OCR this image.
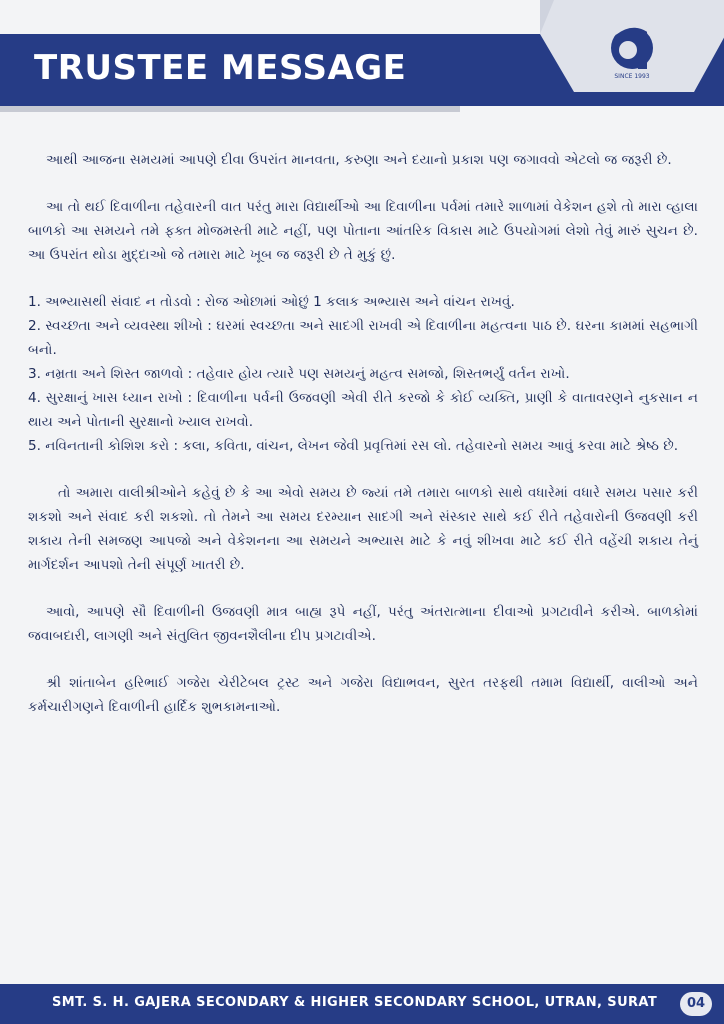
TRUSTEE MESSAGE	SINCE 1993

આથી આજના સમયમાં આપણે દીવા ઉપરાંત માનવતા, કરુણા અને દયાનો પ્રકાશ પણ જગાવવો એટલો જ જરૂરી છે.

આ તો થઈ દિવાળીના તહેવારની વાત પરંતુ મારા વિદ્યાર્થીઓ આ દિવાળીના પર્વમાં તમારે શાળામાં વેકેશન હશે તો મારા વ્હાલા બાળકો આ સમયને તમે ફક્ત મોજમસ્તી માટે નહીં, પણ પોતાના આંતરિક વિકાસ માટે ઉપયોગમાં લેશો તેવું મારું સુચન છે. આ ઉપરાંત થોડા મુદ્દાઓ જે તમારા માટે ખૂબ જ જરૂરી છે તે મુકું છું.

1. અભ્યાસથી સંવાદ ન તોડવો : રોજ ઓછામાં ઓછું 1 કલાક અભ્યાસ અને વાંચન રાખવું.

2. સ્વચ્છતા અને વ્યવસ્થા શીખો : ઘરમાં સ્વચ્છતા અને સાદગી રાખવી એ દિવાળીના મહત્વના પાઠ છે. ઘરના કામમાં સહભાગી બનો.

3. નમ્રતા અને શિસ્ત જાળવો : તહેવાર હોય ત્યારે પણ સમયનું મહત્વ સમજો, શિસ્તભર્યું વર્તન રાખો.

4. સુરક્ષાનું ખાસ ધ્યાન રાખો : દિવાળીના પર્વની ઉજવણી એવી રીતે કરજો કે કોઈ વ્યક્તિ, પ્રાણી કે વાતાવરણને નુકસાન ન થાય અને પોતાની સુરક્ષાનો ખ્યાલ રાખવો.

5. નવિનતાની કોશિશ કરો : કલા, કવિતા, વાંચન, લેખન જેવી પ્રવૃત્તિમાં રસ લો. તહેવારનો સમય આવું કરવા માટે શ્રેષ્ઠ છે.

તો અમારા વાલીશ્રીઓને કહેવું છે કે આ એવો સમય છે જ્યાં તમે તમારા બાળકો સાથે વધારેમાં વધારે સમય પસાર કરી શકશો અને સંવાદ કરી શકશો. તો તેમને આ સમય દરમ્યાન સાદગી અને સંસ્કાર સાથે કઈ રીતે તહેવારોની ઉજવણી કરી શકાય તેની સમજણ આપજો અને વેકેશનના આ સમયને અભ્યાસ માટે કે નવું શીખવા માટે કઈ રીતે વહેંચી શકાય તેનું માર્ગદર્શન આપશો તેની સંપૂર્ણ ખાતરી છે.

આવો, આપણે સૌ દિવાળીની ઉજવણી માત્ર બાહ્ય રૂપે નહીં, પરંતુ અંતરાત્માના દીવાઓ પ્રગટાવીને કરીએ. બાળકોમાં જવાબદારી, લાગણી અને સંતુલિત જીવનશૈલીના દીપ પ્રગટાવીએ.

શ્રી શાંતાબેન હરિભાઈ ગજેરા ચેરીટેબલ ટ્રસ્ટ અને ગજેરા વિદ્યાભવન, સુરત તરફથી તમામ વિદ્યાર્થી, વાલીઓ અને કર્મચારીગણને દિવાળીની હાર્દિક શુભકામનાઓ.

SMT. S. H. GAJERA SECONDARY & HIGHER SECONDARY SCHOOL, UTRAN, SURAT	04
